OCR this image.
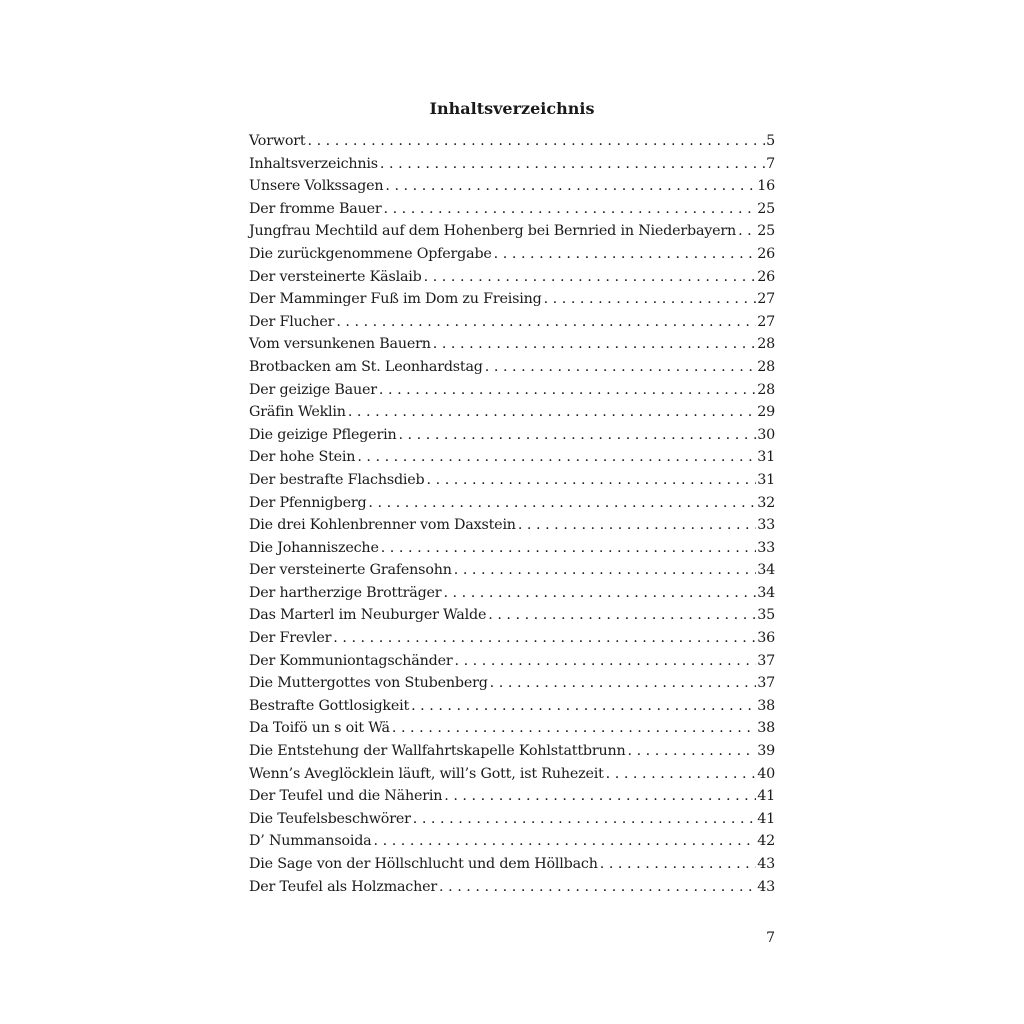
Inhaltsverzeichnis
Vorwort . . .	5
Inhaltsverzeichnis . . .	7
Unsere Volkssagen . . .	16
Der fromme Bauer . . .	25
Jungfrau Mechtild auf dem Hohenberg bei Bernried in Niederbayern . . . 25
Die zurückgenommene Opfergabe . . .	26
Der versteinerte Käslaib . . .	26
Der Mamminger Fuß im Dom zu Freising . . .	27
Der Flucher . . .	27
Vom versunkenen Bauern . . .	28
Brotbacken am St. Leonhardstag . . .	28
Der geizige Bauer . . .	28
Gräfin Weklin . . .	29
Die geizige Pflegerin . . .	30
Der hohe Stein . . .	31
Der bestrafte Flachsdieb . . .	31
Der Pfennigberg . . .	32
Die drei Kohlenbrenner vom Daxstein . . .	33
Die Johanniszeche . . .	33
Der versteinerte Grafensohn . . .	34
Der hartherzige Brotträger . . .	34
Das Marterl im Neuburger Walde . . .	35
Der Frevler . . .	36
Der Kommuniontagschänder . . .	37
Die Muttergottes von Stubenberg . . .	37
Bestrafte Gottlosigkeit . . .	38
Da Toifö un s oit Wä . . .	38
Die Entstehung der Wallfahrtskapelle Kohlstattbrunn . . .	39
Wenn’s Aveglöcklein läuft, will’s Gott, ist Ruhezeit . . .	40
Der Teufel und die Näherin . . .	41
Die Teufelsbeschwörer . . .	41
D’ Nummansoida . . .	42
Die Sage von der Höllschlucht und dem Höllbach . . .	43
Der Teufel als Holzmacher . . .	43
7
